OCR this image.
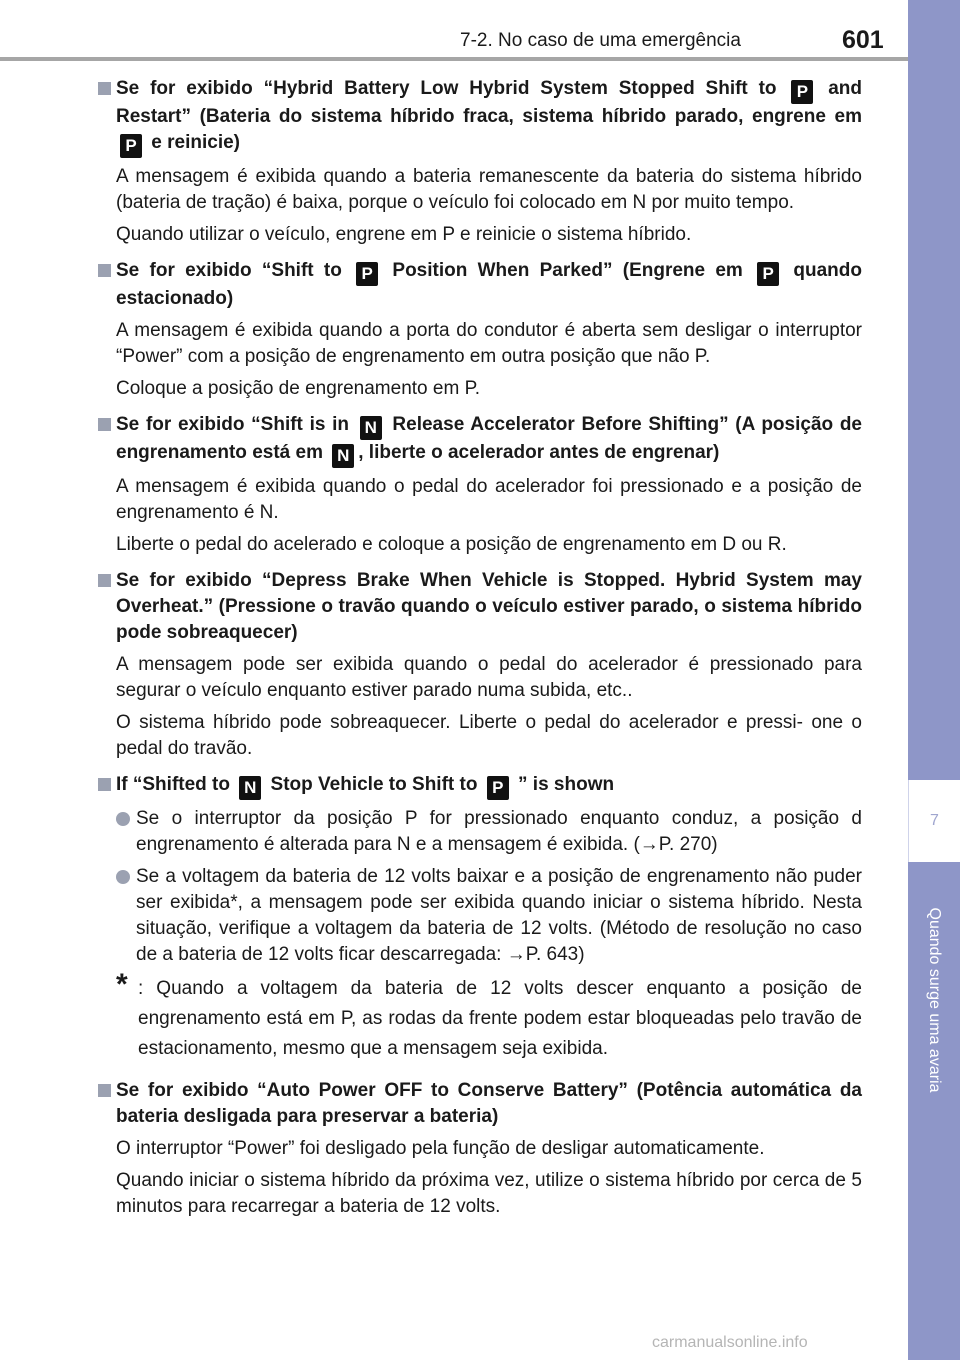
7-2. No caso de uma emergência	601
7
Quando surge uma avaria

Se for exibido “Hybrid Battery Low Hybrid System Stopped Shift to P and Restart” (Bateria do sistema híbrido fraca, sistema híbrido parado, engrene em P e reinicie)

A mensagem é exibida quando a bateria remanescente da bateria do sistema híbrido (bateria de tração) é baixa, porque o veículo foi colocado em N por muito tempo.

Quando utilizar o veículo, engrene em P e reinicie o sistema híbrido.

Se for exibido “Shift to P Position When Parked” (Engrene em P quando estacionado)

A mensagem é exibida quando a porta do condutor é aberta sem desligar o interruptor “Power” com a posição de engrenamento em outra posição que não P.

Coloque a posição de engrenamento em P.

Se for exibido “Shift is in N Release Accelerator Before Shifting” (A posição de engrenamento está em N , liberte o acelerador antes de engrenar)

A mensagem é exibida quando o pedal do acelerador foi pressionado e a posição de engrenamento é N.

Liberte o pedal do acelerado e coloque a posição de engrenamento em D ou R.

Se for exibido “Depress Brake When Vehicle is Stopped. Hybrid System may Overheat.” (Pressione o travão quando o veículo estiver parado, o sistema híbrido pode sobreaquecer)

A mensagem pode ser exibida quando o pedal do acelerador é pressionado para segurar o veículo enquanto estiver parado numa subida, etc..

O sistema híbrido pode sobreaquecer. Liberte o pedal do acelerador e pressi- one o pedal do travão.

If “Shifted to N Stop Vehicle to Shift to P ” is shown

Se o interruptor da posição P for pressionado enquanto conduz, a posição d engrenamento é alterada para N e a mensagem é exibida. (→P. 270)
Se a voltagem da bateria de 12 volts baixar e a posição de engrenamento não puder ser exibida*, a mensagem pode ser exibida quando iniciar o sistema híbrido. Nesta situação, verifique a voltagem da bateria de 12 volts. (Método de resolução no caso de a bateria de 12 volts ficar descarregada: →P. 643)
* : Quando a voltagem da bateria de 12 volts descer enquanto a posição de engrenamento está em P, as rodas da frente podem estar bloqueadas pelo travão de estacionamento, mesmo que a mensagem seja exibida.

Se for exibido “Auto Power OFF to Conserve Battery” (Potência automática da bateria desligada para preservar a bateria)

O interruptor “Power” foi desligado pela função de desligar automaticamente.

Quando iniciar o sistema híbrido da próxima vez, utilize o sistema híbrido por cerca de 5 minutos para recarregar a bateria de 12 volts.

carmanualsonline.info
